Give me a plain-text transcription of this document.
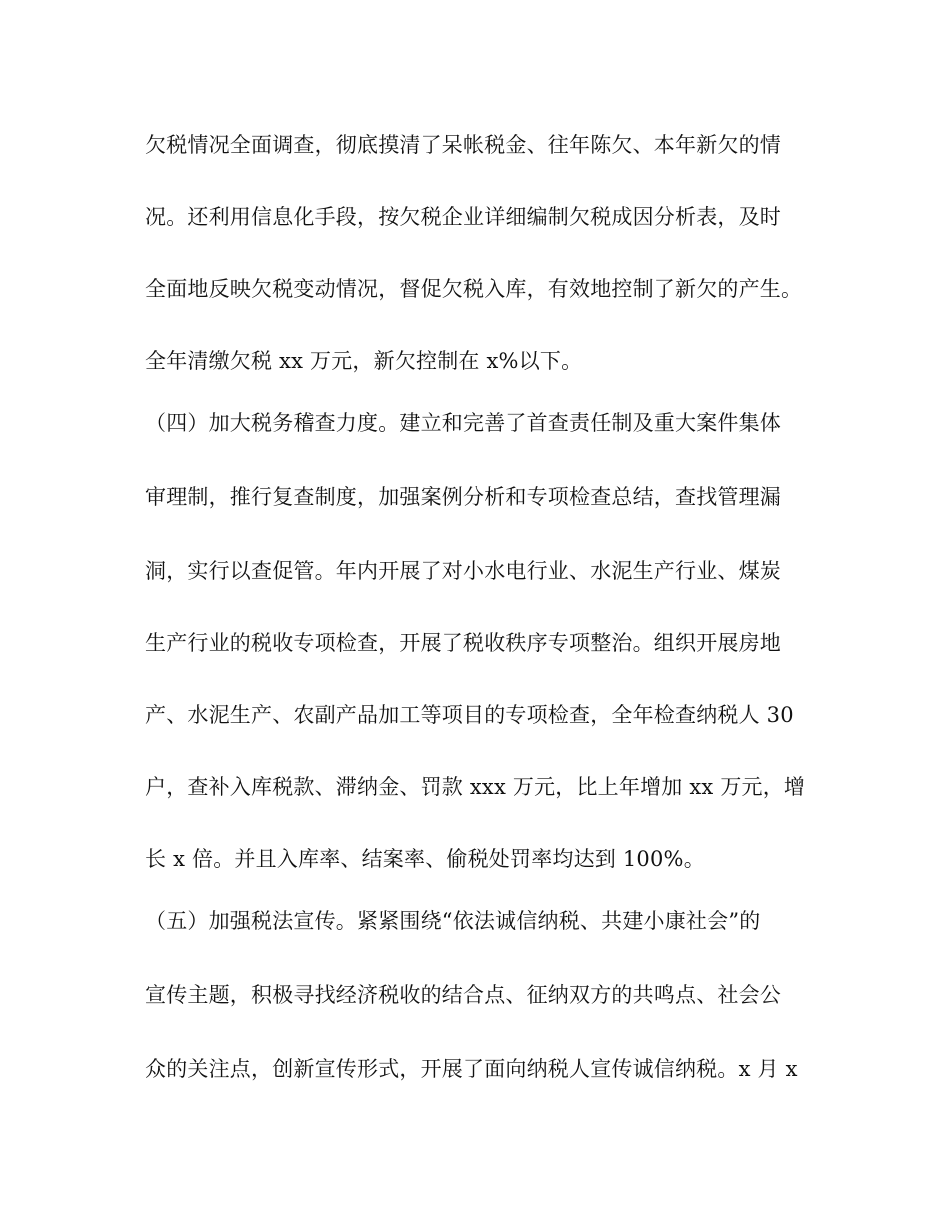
欠税情况全面调查，彻底摸清了呆帐税金、往年陈欠、本年新欠的情
况。还利用信息化手段，按欠税企业详细编制欠税成因分析表，及时
全面地反映欠税变动情况，督促欠税入库，有效地控制了新欠的产生。
全年清缴欠税 xx 万元，新欠控制在 x%以下。
（四）加大税务稽查力度。建立和完善了首查责任制及重大案件集体
审理制，推行复查制度，加强案例分析和专项检查总结，查找管理漏
洞，实行以查促管。年内开展了对小水电行业、水泥生产行业、煤炭
生产行业的税收专项检查，开展了税收秩序专项整治。组织开展房地
产、水泥生产、农副产品加工等项目的专项检查，全年检查纳税人 30
户，查补入库税款、滞纳金、罚款 xxx 万元，比上年增加 xx 万元，增
长 x 倍。并且入库率、结案率、偷税处罚率均达到 100%。
（五）加强税法宣传。紧紧围绕“依法诚信纳税、共建小康社会”的
宣传主题，积极寻找经济税收的结合点、征纳双方的共鸣点、社会公
众的关注点，创新宣传形式，开展了面向纳税人宣传诚信纳税。x 月 x
